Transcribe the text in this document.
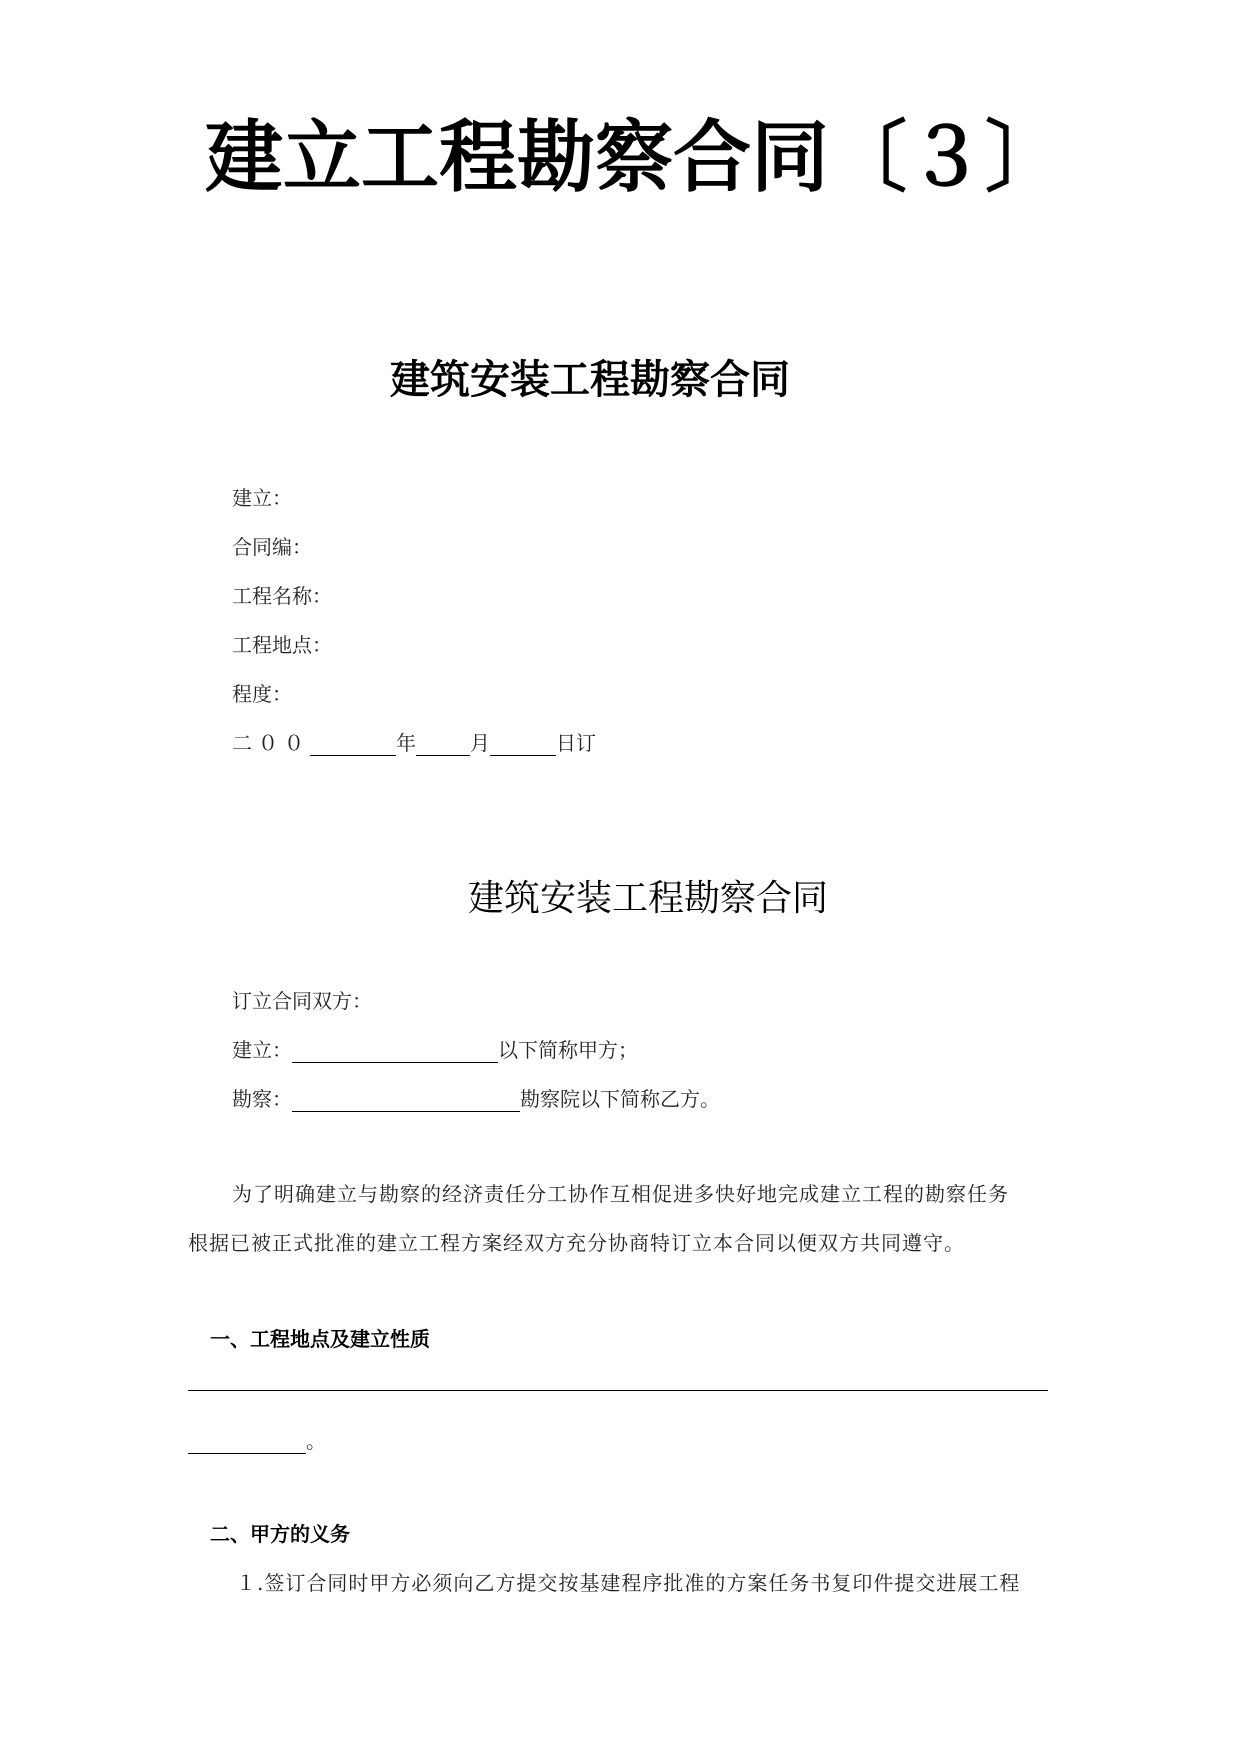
建立工程勘察合同〔３〕
建筑安装工程勘察合同
建立：
合同编：
工程名称：
工程地点：
程度：
二００	年	月	日订
建筑安装工程勘察合同
订立合同双方：
建立：	以下简称甲方；
勘察：	勘察院以下简称乙方。
为了明确建立与勘察的经济责任分工协作互相促进多快好地完成建立工程的勘察任务
根据已被正式批准的建立工程方案经双方充分协商特订立本合同以便双方共同遵守。
一、工程地点及建立性质
。
二、甲方的义务
１.签订合同时甲方必须向乙方提交按基建程序批准的方案任务书复印件提交进展工程
